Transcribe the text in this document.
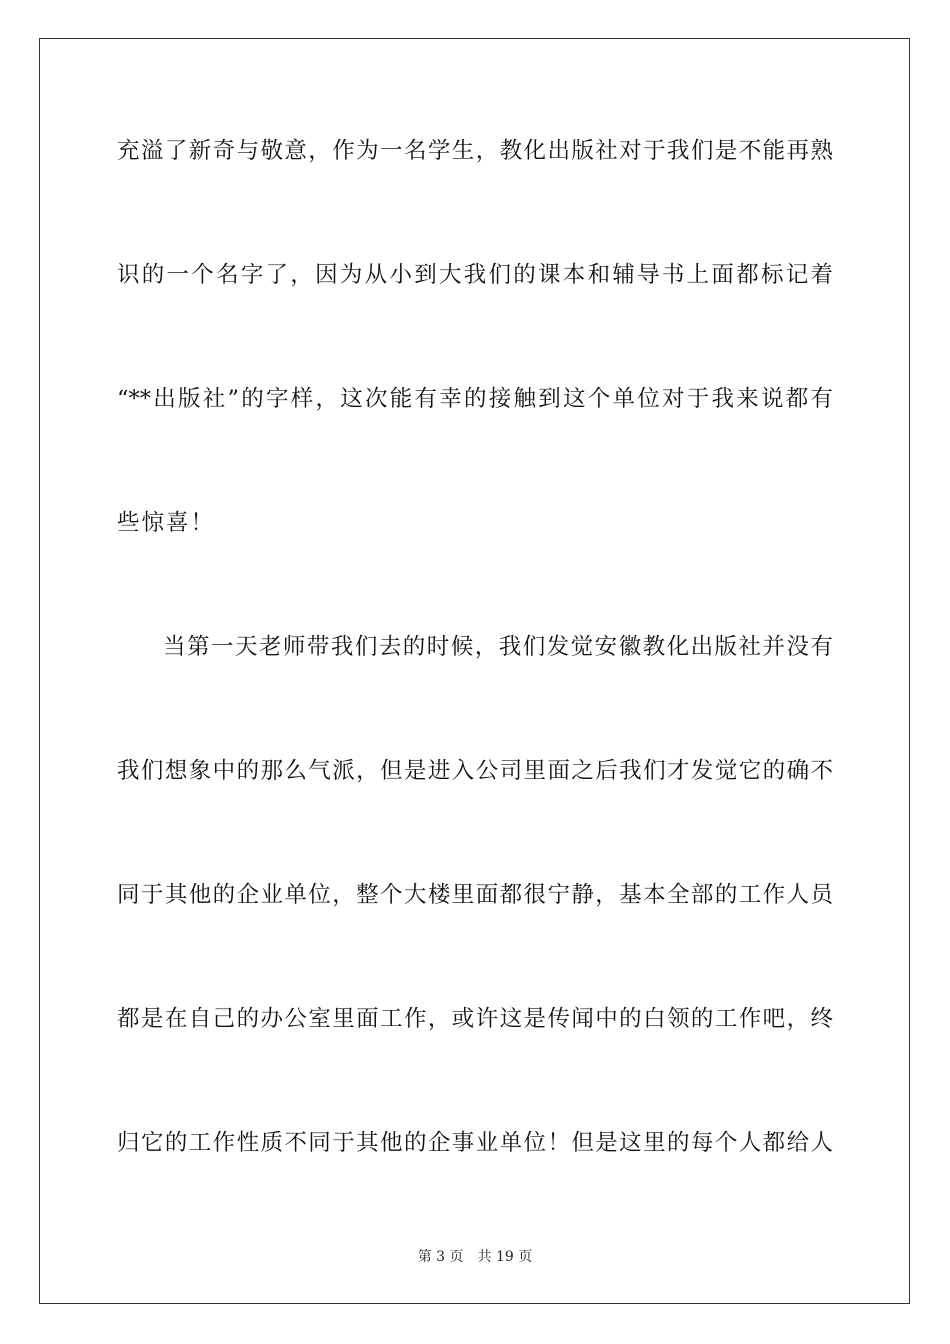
充溢了新奇与敬意，作为一名学生，教化出版社对于我们是不能再熟
识的一个名字了，因为从小到大我们的课本和辅导书上面都标记着
“**出版社”的字样，这次能有幸的接触到这个单位对于我来说都有
些惊喜！
当第一天老师带我们去的时候，我们发觉安徽教化出版社并没有
我们想象中的那么气派，但是进入公司里面之后我们才发觉它的确不
同于其他的企业单位，整个大楼里面都很宁静，基本全部的工作人员
都是在自己的办公室里面工作，或许这是传闻中的白领的工作吧，终
归它的工作性质不同于其他的企事业单位！但是这里的每个人都给人
第 3 页 共 19 页
